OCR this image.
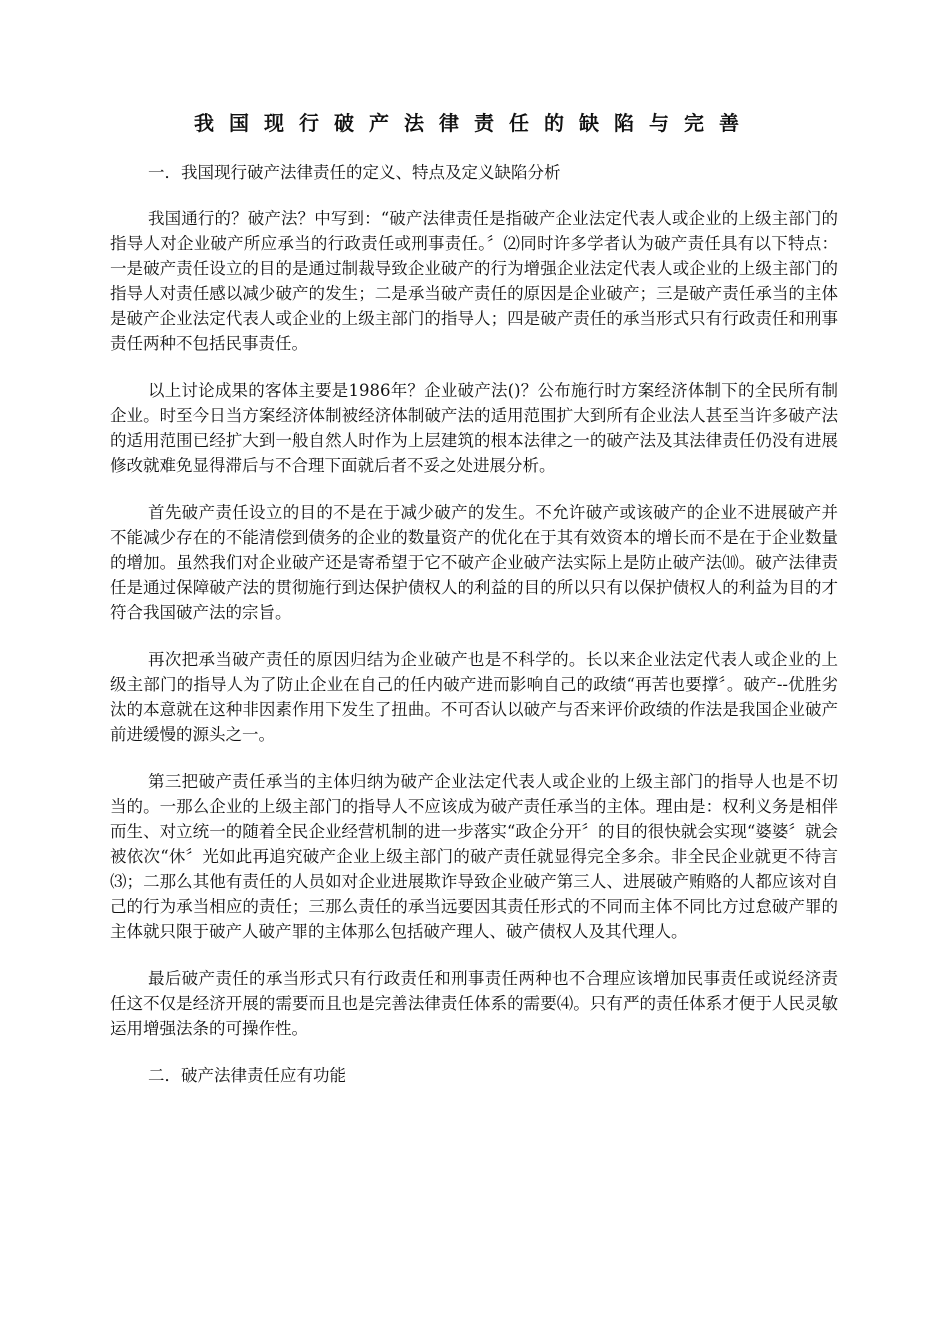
我国现行破产法律责任的缺陷与完善

一．我国现行破产法律责任的定义、特点及定义缺陷分析

我国通行的？破产法？中写到：“破产法律责任是指破产企业法定代表人或企业的上级主部门的指导人对企业破产所应承当的行政责任或刑事责任。〞⑵同时许多学者认为破产责任具有以下特点：一是破产责任设立的目的是通过制裁导致企业破产的行为增强企业法定代表人或企业的上级主部门的指导人对责任感以减少破产的发生；二是承当破产责任的原因是企业破产；三是破产责任承当的主体是破产企业法定代表人或企业的上级主部门的指导人；四是破产责任的承当形式只有行政责任和刑事责任两种不包括民事责任。

以上讨论成果的客体主要是1986年？企业破产法()？公布施行时方案经济体制下的全民所有制企业。时至今日当方案经济体制被经济体制破产法的适用范围扩大到所有企业法人甚至当许多破产法的适用范围已经扩大到一般自然人时作为上层建筑的根本法律之一的破产法及其法律责任仍没有进展修改就难免显得滞后与不合理下面就后者不妥之处进展分析。

首先破产责任设立的目的不是在于减少破产的发生。不允许破产或该破产的企业不进展破产并不能减少存在的不能清偿到债务的企业的数量资产的优化在于其有效资本的增长而不是在于企业数量的增加。虽然我们对企业破产还是寄希望于它不破产企业破产法实际上是防止破产法⑽。破产法律责任是通过保障破产法的贯彻施行到达保护债权人的利益的目的所以只有以保护债权人的利益为目的才符合我国破产法的宗旨。

再次把承当破产责任的原因归结为企业破产也是不科学的。长以来企业法定代表人或企业的上级主部门的指导人为了防止企业在自己的任内破产进而影响自己的政绩“再苦也要撑〞。破产--优胜劣汰的本意就在这种非因素作用下发生了扭曲。不可否认以破产与否来评价政绩的作法是我国企业破产前进缓慢的源头之一。

第三把破产责任承当的主体归纳为破产企业法定代表人或企业的上级主部门的指导人也是不切当的。一那么企业的上级主部门的指导人不应该成为破产责任承当的主体。理由是：权利义务是相伴而生、对立统一的随着全民企业经营机制的进一步落实“政企分开〞的目的很快就会实现“婆婆〞就会被依次“休〞光如此再追究破产企业上级主部门的破产责任就显得完全多余。非全民企业就更不待言⑶；二那么其他有责任的人员如对企业进展欺诈导致企业破产第三人、进展破产贿赂的人都应该对自己的行为承当相应的责任；三那么责任的承当远要因其责任形式的不同而主体不同比方过怠破产罪的主体就只限于破产人破产罪的主体那么包括破产理人、破产债权人及其代理人。

最后破产责任的承当形式只有行政责任和刑事责任两种也不合理应该增加民事责任或说经济责任这不仅是经济开展的需要而且也是完善法律责任体系的需要⑷。只有严的责任体系才便于人民灵敏运用增强法条的可操作性。

二．破产法律责任应有功能
